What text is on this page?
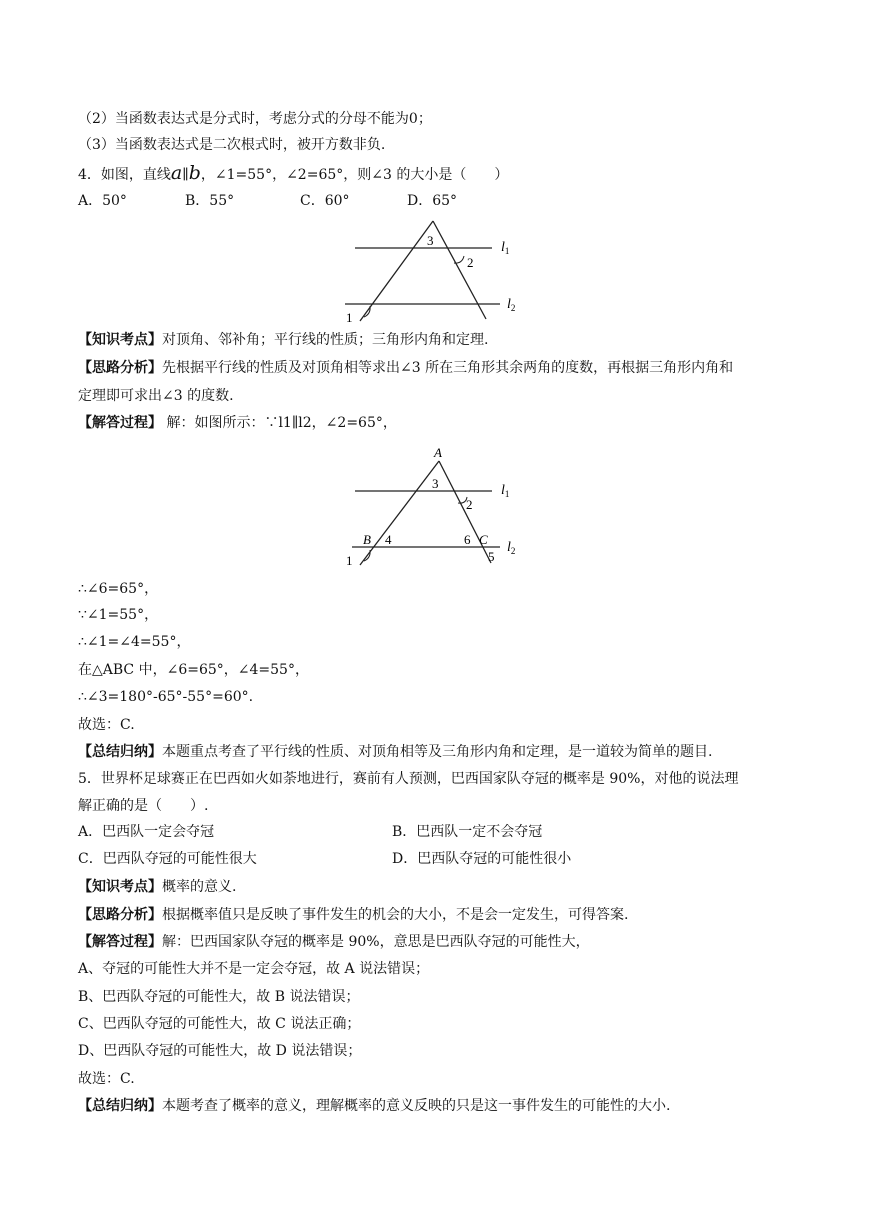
（2）当函数表达式是分式时，考虑分式的分母不能为0；
（3）当函数表达式是二次根式时，被开方数非负.
4．如图，直线a∥b，∠1=55°，∠2=65°，则∠3 的大小是（　　）
A．50°	B．55°	C．60°	D．65°
3
2
1
$l_1$
$l_2$
【知识考点】对顶角、邻补角；平行线的性质；三角形内角和定理.
【思路分析】先根据平行线的性质及对顶角相等求出∠3 所在三角形其余两角的度数，再根据三角形内角和
定理即可求出∠3 的度数.
【解答过程】 解：如图所示：∵l1∥l2，∠2=65°，
A
3
2
B 4	6 C
1	5
$l_1$
$l_2$
∴∠6=65°，
∵∠1=55°，
∴∠1=∠4=55°，
在△ABC 中，∠6=65°，∠4=55°，
∴∠3=180°-65°-55°=60°.
故选：C.
【总结归纳】本题重点考查了平行线的性质、对顶角相等及三角形内角和定理，是一道较为简单的题目.
5．世界杯足球赛正在巴西如火如荼地进行，赛前有人预测，巴西国家队夺冠的概率是 90%，对他的说法理
解正确的是（　　）.
A．巴西队一定会夺冠	B．巴西队一定不会夺冠
C．巴西队夺冠的可能性很大	D．巴西队夺冠的可能性很小
【知识考点】概率的意义.
【思路分析】根据概率值只是反映了事件发生的机会的大小，不是会一定发生，可得答案.
【解答过程】解：巴西国家队夺冠的概率是 90%，意思是巴西队夺冠的可能性大，
A、夺冠的可能性大并不是一定会夺冠，故 A 说法错误；
B、巴西队夺冠的可能性大，故 B 说法错误；
C、巴西队夺冠的可能性大，故 C 说法正确；
D、巴西队夺冠的可能性大，故 D 说法错误；
故选：C.
【总结归纳】本题考查了概率的意义，理解概率的意义反映的只是这一事件发生的可能性的大小.
